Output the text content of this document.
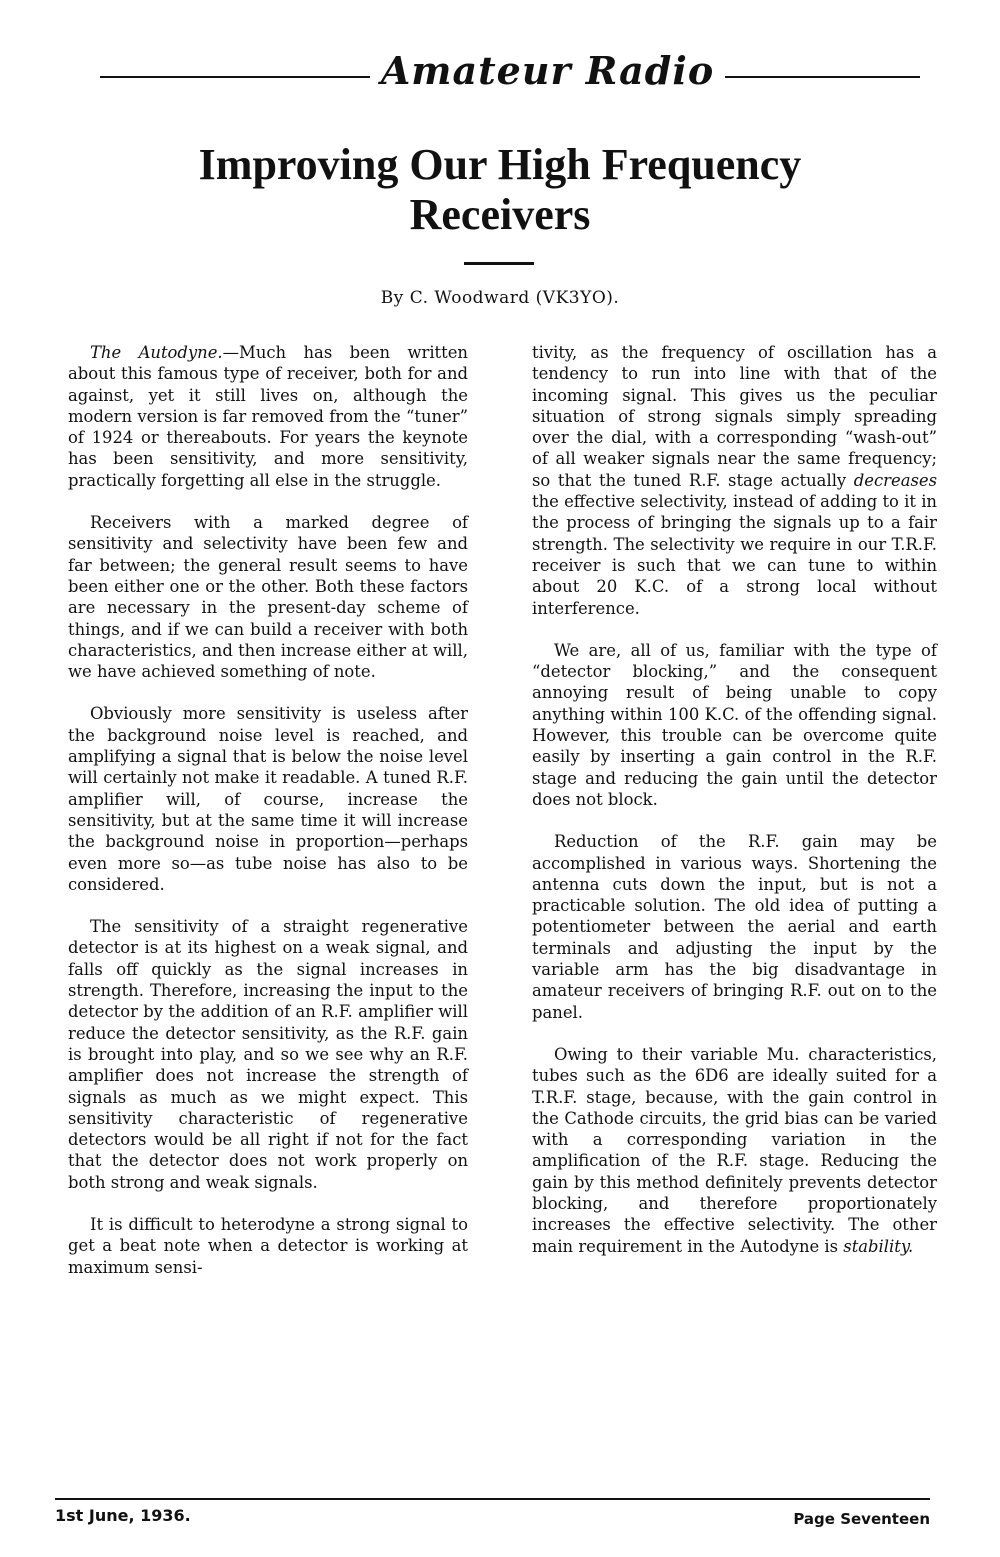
Amateur Radio
Improving Our High Frequency
Receivers
By C. Woodward (VK3YO).

The Autodyne.—Much has been written about this famous type of receiver, both for and against, yet it still lives on, although the modern version is far removed from the “tuner” of 1924 or thereabouts. For years the keynote has been sensitivity, and more sensitivity, practically forgetting all else in the struggle.

Receivers with a marked degree of sensitivity and selectivity have been few and far between; the general result seems to have been either one or the other. Both these factors are necessary in the present-day scheme of things, and if we can build a receiver with both characteristics, and then increase either at will, we have achieved something of note.

Obviously more sensitivity is useless after the background noise level is reached, and amplifying a signal that is below the noise level will certainly not make it readable. A tuned R.F. amplifier will, of course, increase the sensitivity, but at the same time it will increase the background noise in proportion—perhaps even more so—as tube noise has also to be considered.

The sensitivity of a straight regenerative detector is at its highest on a weak signal, and falls off quickly as the signal increases in strength. Therefore, increasing the input to the detector by the addition of an R.F. amplifier will reduce the detector sensitivity, as the R.F. gain is brought into play, and so we see why an R.F. amplifier does not increase the strength of signals as much as we might expect. This sensitivity characteristic of regenerative detectors would be all right if not for the fact that the detector does not work properly on both strong and weak signals.

It is difficult to heterodyne a strong signal to get a beat note when a detector is working at maximum sensi-

tivity, as the frequency of oscillation has a tendency to run into line with that of the incoming signal. This gives us the peculiar situation of strong signals simply spreading over the dial, with a corresponding “wash-out” of all weaker signals near the same frequency; so that the tuned R.F. stage actually decreases the effective selectivity, instead of adding to it in the process of bringing the signals up to a fair strength. The selectivity we require in our T.R.F. receiver is such that we can tune to within about 20 K.C. of a strong local without interference.

We are, all of us, familiar with the type of “detector blocking,” and the consequent annoying result of being unable to copy anything within 100 K.C. of the offending signal. However, this trouble can be overcome quite easily by inserting a gain control in the R.F. stage and reducing the gain until the detector does not block.

Reduction of the R.F. gain may be accomplished in various ways. Shortening the antenna cuts down the input, but is not a practicable solution. The old idea of putting a potentiometer between the aerial and earth terminals and adjusting the input by the variable arm has the big disadvantage in amateur receivers of bringing R.F. out on to the panel.

Owing to their variable Mu. characteristics, tubes such as the 6D6 are ideally suited for a T.R.F. stage, because, with the gain control in the Cathode circuits, the grid bias can be varied with a corresponding variation in the amplification of the R.F. stage. Reducing the gain by this method definitely prevents detector blocking, and therefore proportionately increases the effective selectivity. The other main requirement in the Autodyne is stability.

1st June, 1936.	Page Seventeen
